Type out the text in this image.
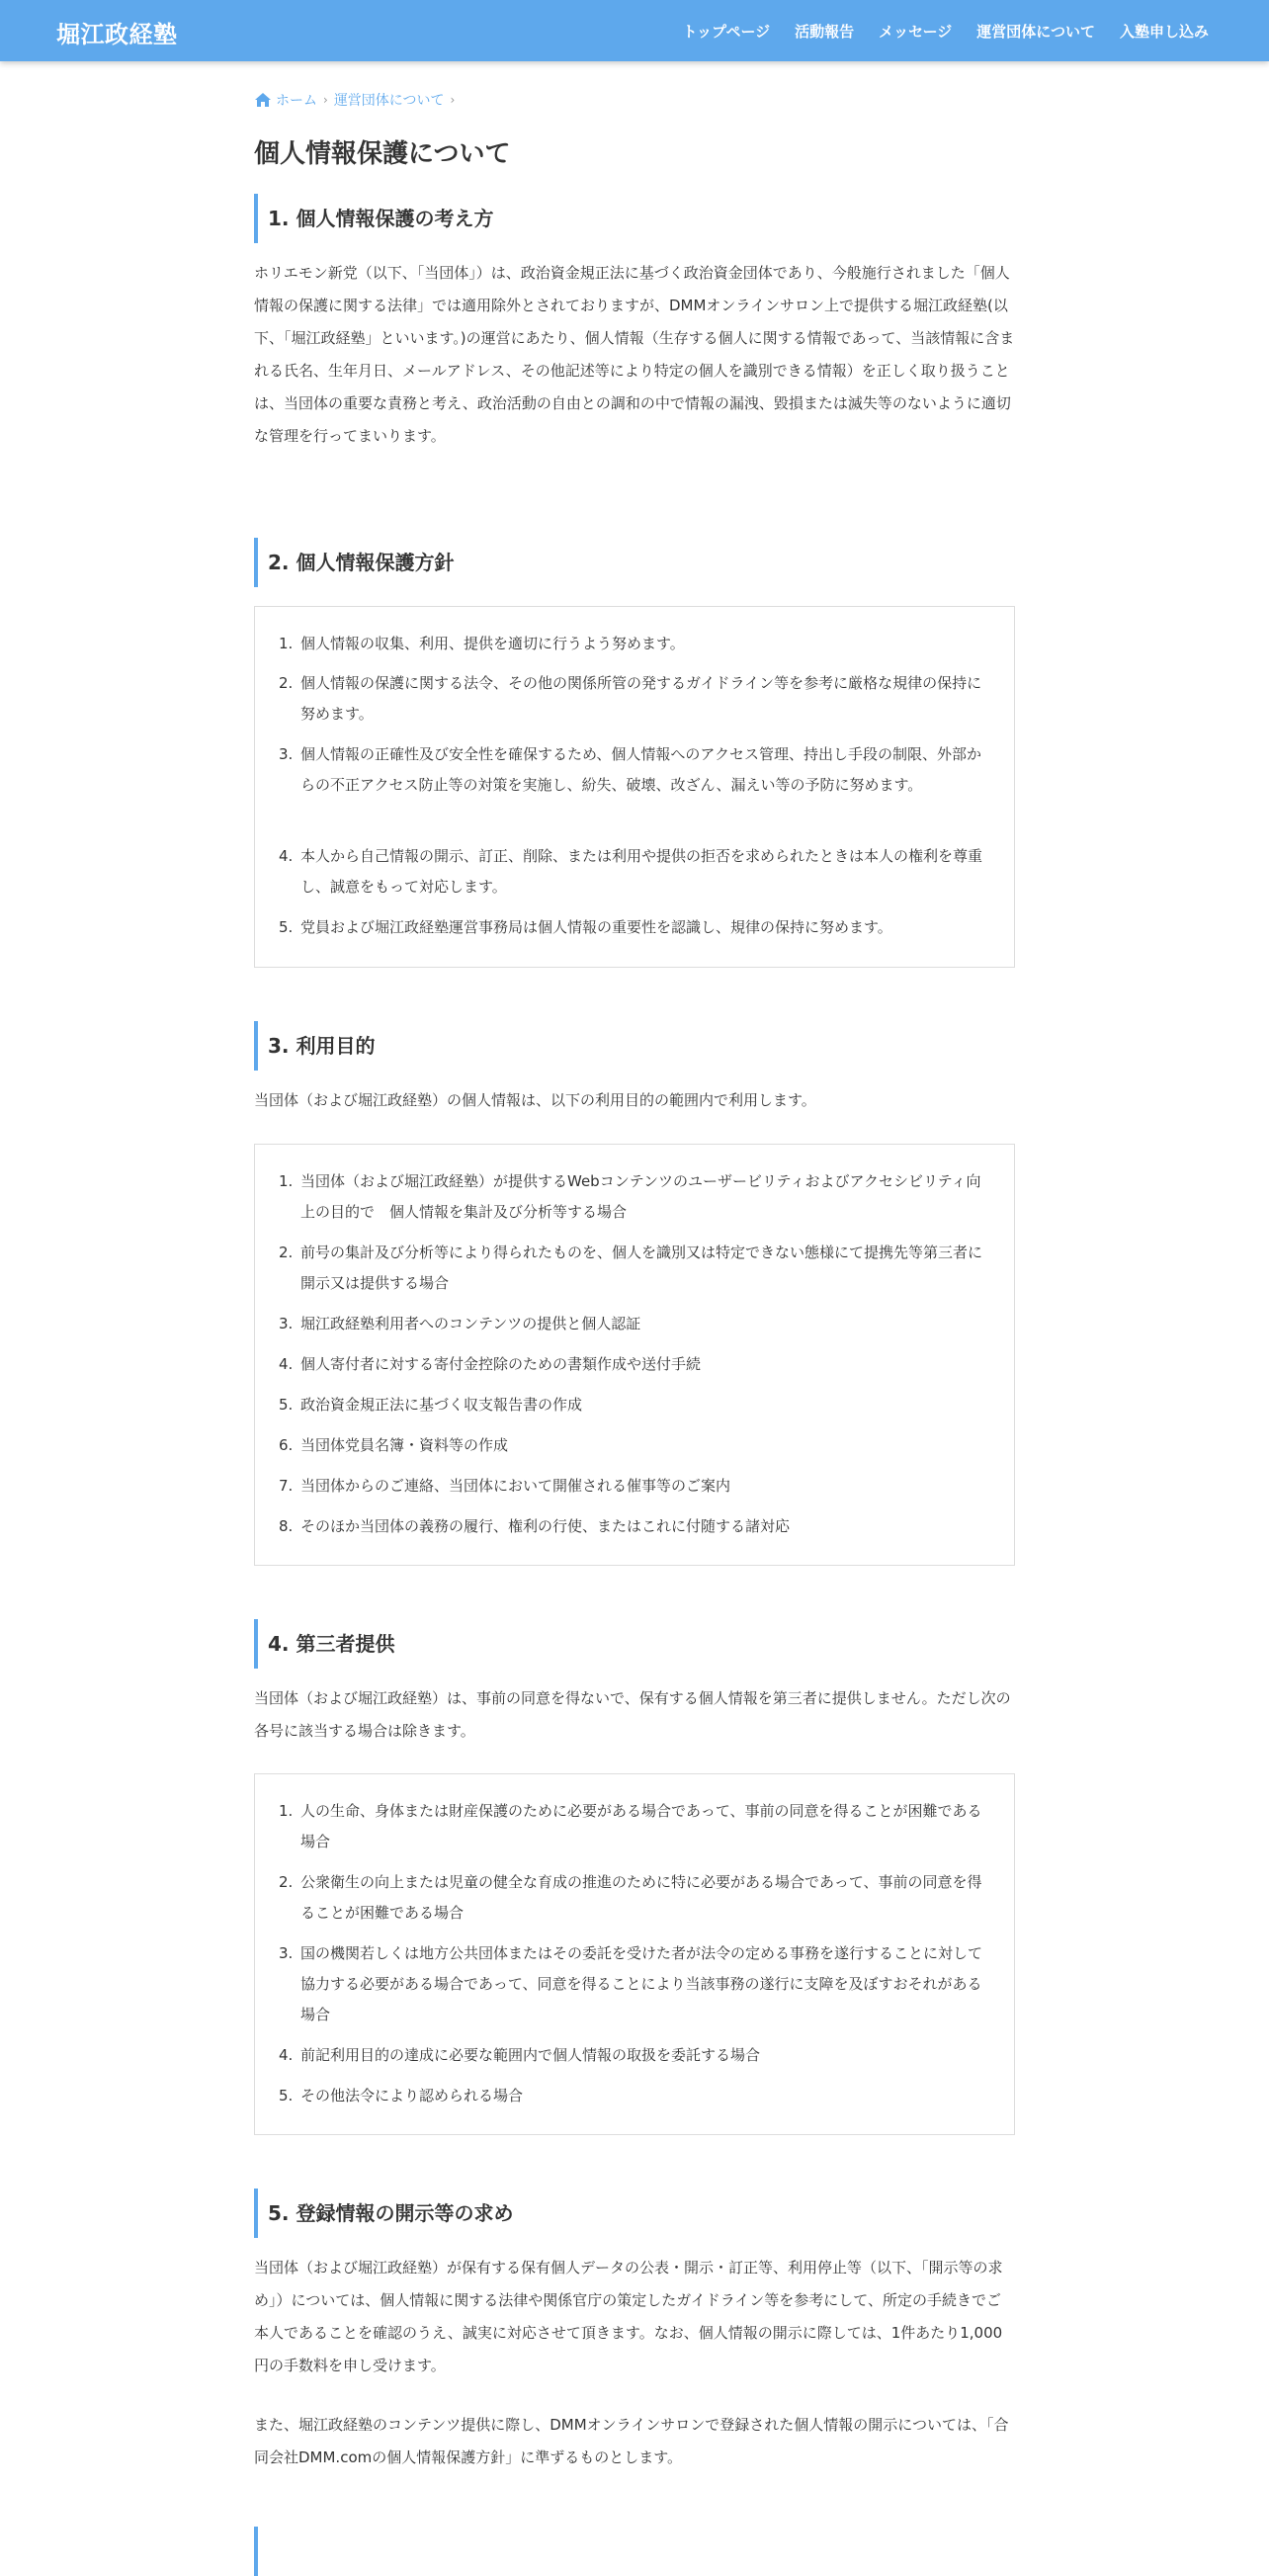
堀江政経塾	トップページ 活動報告 メッセージ 運営団体について 入塾申し込み
ホーム › 運営団体について ›
個人情報保護について
1. 個人情報保護の考え方

ホリエモン新党（以下、「当団体」）は、政治資金規正法に基づく政治資金団体であり、今般施行されました「個人情報の保護に関する法律」では適用除外とされておりますが、DMMオンラインサロン上で提供する堀江政経塾(以下、「堀江政経塾」といいます。)の運営にあたり、個人情報（生存する個人に関する情報であって、当該情報に含まれる氏名、生年月日、メールアドレス、その他記述等により特定の個人を識別できる情報）を正しく取り扱うことは、当団体の重要な責務と考え、政治活動の自由との調和の中で情報の漏洩、毀損または滅失等のないように適切な管理を行ってまいります。

2. 個人情報保護方針
1. 個人情報の収集、利用、提供を適切に行うよう努めます。
2. 個人情報の保護に関する法令、その他の関係所管の発するガイドライン等を参考に厳格な規律の保持に努めます。
3. 個人情報の正確性及び安全性を確保するため、個人情報へのアクセス管理、持出し手段の制限、外部からの不正アクセス防止等の対策を実施し、紛失、破壊、改ざん、漏えい等の予防に努めます。
4. 本人から自己情報の開示、訂正、削除、または利用や提供の拒否を求められたときは本人の権利を尊重し、誠意をもって対応します。
5. 党員および堀江政経塾運営事務局は個人情報の重要性を認識し、規律の保持に努めます。
3. 利用目的

当団体（および堀江政経塾）の個人情報は、以下の利用目的の範囲内で利用します。

1. 当団体（および堀江政経塾）が提供するWebコンテンツのユーザービリティおよびアクセシビリティ向上の目的で　個人情報を集計及び分析等する場合
2. 前号の集計及び分析等により得られたものを、個人を識別又は特定できない態様にて提携先等第三者に開示又は提供する場合
3. 堀江政経塾利用者へのコンテンツの提供と個人認証
4. 個人寄付者に対する寄付金控除のための書類作成や送付手続
5. 政治資金規正法に基づく収支報告書の作成
6. 当団体党員名簿・資料等の作成
7. 当団体からのご連絡、当団体において開催される催事等のご案内
8. そのほか当団体の義務の履行、権利の行使、またはこれに付随する諸対応
4. 第三者提供

当団体（および堀江政経塾）は、事前の同意を得ないで、保有する個人情報を第三者に提供しません。ただし次の各号に該当する場合は除きます。

1. 人の生命、身体または財産保護のために必要がある場合であって、事前の同意を得ることが困難である場合
2. 公衆衛生の向上または児童の健全な育成の推進のために特に必要がある場合であって、事前の同意を得ることが困難である場合
3. 国の機関若しくは地方公共団体またはその委託を受けた者が法令の定める事務を遂行することに対して協力する必要がある場合であって、同意を得ることにより当該事務の遂行に支障を及ぼすおそれがある場合
4. 前記利用目的の達成に必要な範囲内で個人情報の取扱を委託する場合
5. その他法令により認められる場合
5. 登録情報の開示等の求め

当団体（および堀江政経塾）が保有する保有個人データの公表・開示・訂正等、利用停止等（以下、「開示等の求め」）については、個人情報に関する法律や関係官庁の策定したガイドライン等を参考にして、所定の手続きでご本人であることを確認のうえ、誠実に対応させて頂きます。なお、個人情報の開示に際しては、1件あたり1,000円の手数料を申し受けます。

また、堀江政経塾のコンテンツ提供に際し、DMMオンラインサロンで登録された個人情報の開示については、「合同会社DMM.comの個人情報保護方針」に準ずるものとします。
